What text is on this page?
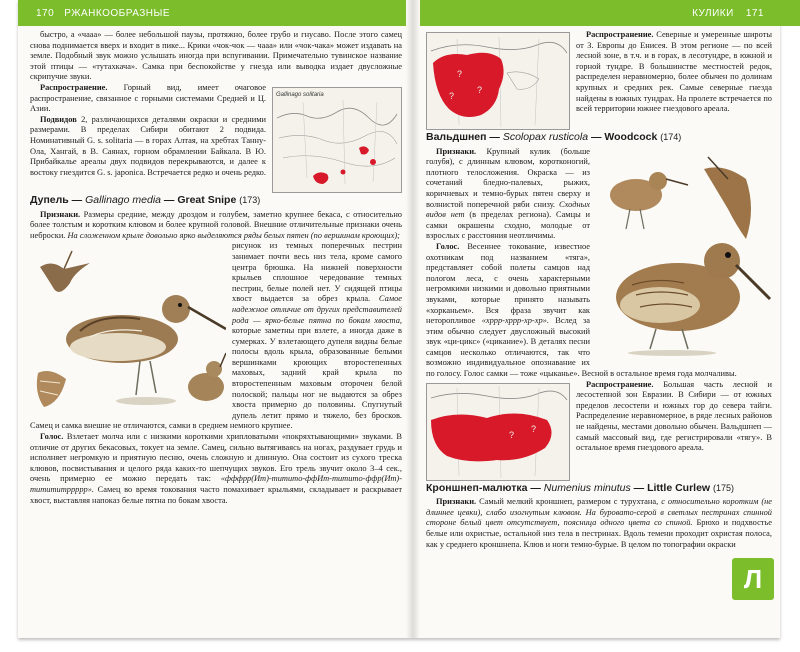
170 РЖАНКООБРАЗНЫЕ	КУЛИКИ 171

быстро, а «чааа» — более небольшой паузы, протяжно, более грубо и гнусаво. После этого самец снова поднимается вверх и входит в пике... Крики «чок-чок — чааа» или «чок-чака» может издавать на земле. Подобный звук можно услышать иногда при вспугивании. Примечательно тувинское название этой птицы — «тутахкача». Самка при беспокойстве у гнезда или выводка издает двусложные скрипучие звуки.

Gallinago solitaria

Распространение. Горный вид, имеет очаговое распространение, связанное с горными системами Средней и Ц. Азии.

Подвидов 2, различающихся деталями окраски и средними размерами. В пределах Сибири обитают 2 подвида. Номинативный G. s. solitaria — в горах Алтая, на хребтах Танну-Ола, Хангай, в В. Саянах, горном обрамлении Байкала. В Ю. Прибайкалье ареалы двух подвидов перекрываются, и далее к востоку гнездится G. s. japonica. Встречается редко и очень редко.

Дупель — Gallinago media — Great Snipe (173)

Признаки. Размеры средние, между дроздом и голубем, заметно крупнее бекаса, с относительно более толстым и коротким клювом и более крупной головой. Внешние отличительные признаки очень неброски. На сложенном крыле довольно ярко выделяются ряды белых пятен (по вершинам кроющих);

рисунок из темных поперечных пестрин занимает почти весь низ тела, кроме самого центра брюшка. На нижней поверхности крыльев сплошное чередование темных пестрин, белые полей нет. У сидящей птицы хвост выдается за обрез крыла. Самое надежное отличие от других представителей рода — ярко-белые пятна по бокам хвоста, которые заметны при взлете, а иногда даже в сумерках. У взлетающего дупеля видны белые полосы вдоль крыла, образованные белыми вершинками кроющих второстепенных маховых, задний край крыла по второстепенным маховым оторочен белой полоской; пальцы ног не выдаются за обрез хвоста примерно до половины. Спугнутый дупель летит прямо и тяжело, без бросков. Самец и самка внешне не отличаются, самки в среднем немного крупнее.

Голос. Взлетает молча или с низкими короткими хрипловатыми «покряхтывающими» звуками. В отличие от других бекасовых, токует на земле. Самец, сильно вытягиваясь на ногах, раздувает грудь и исполняет негромкую и приятную песню, очень сложную и длинную. Она состоит из сухого треска клювов, посвистывания и целого ряда каких-то шепчущих звуков. Его трель звучит около 3–4 сек., очень примерно ее можно передать так: «фффрр(Ит)-титито-ффИт-титито-ффр(Ит)-титититррррр». Самец во время токования часто помахивает крыльями, складывает и раскрывает хвост, выставляя напоказ белые пятна по бокам хвоста.

?
?
?

Распространение. Северные и умеренные широты от З. Европы до Енисея. В этом регионе — по всей лесной зоне, в т.ч. и в горах, в лесотундре, в южной и горной тундре. В большинстве местностей редок, распределен неравномерно, более обычен по долинам крупных и средних рек. Самые северные гнезда найдены в южных тундрах. На пролете встречается по всей территории южнее гнездового ареала.

Вальдшнеп — Scolopax rusticola — Woodcock (174)

Признаки. Крупный кулик (больше голубя), с длинным клювом, коротконогий, плотного телосложения. Окраска — из сочетаний бледно-палевых, рыжих, коричневых и темно-бурых пятен сверху и волнистой поперечной ряби снизу. Сходных видов нет (в пределах региона). Самцы и самки окрашены сходно, молодые от взрослых с расстояния неотличимы.

Голос. Весеннее токование, известное охотникам под названием «тяга», представляет собой полеты самцов над пологом леса, с очень характерными негромкими низкими и довольно приятными звуками, которые принято называть «хорканьем». Вся фраза звучит как неторопливое «хррр-хррр-хр-хр». Вслед за этим обычно следует двусложный высокий звук «ци-цикс» («цикание»). В деталях песни самцов несколько отличаются, так что возможно индивидуальное опознавание их по голосу. Голос самки — тоже «цыканье». Весной в остальное время года молчаливы.

?
?

Распространение. Большая часть лесной и лесостепной зон Евразии. В Сибири — от южных пределов лесостепи и южных гор до севера тайги. Распределение неравномерное, в ряде лесных районов не найдены, местами довольно обычен. Вальдшнеп — самый массовый вид, где регистрировали «тягу». В остальное время гнездового ареала.

Кроншнеп-малютка — Numenius minutus — Little Curlew (175)

Признаки. Самый мелкий кроншнеп, размером с турухтана, с относительно коротким (не длиннее цевки), слабо изогнутым клювом. На буровато-серой в светлых пестринах спинной стороне белый цвет отсутствует, поясница одного цвета со спиной. Брюхо и подхвостье белые или охристые, остальной низ тела в пестринах. Вдоль темени проходит охристая полоса, как у среднего кроншнепа. Клюв и ноги темно-бурые. В целом по топографии окраски

Л
